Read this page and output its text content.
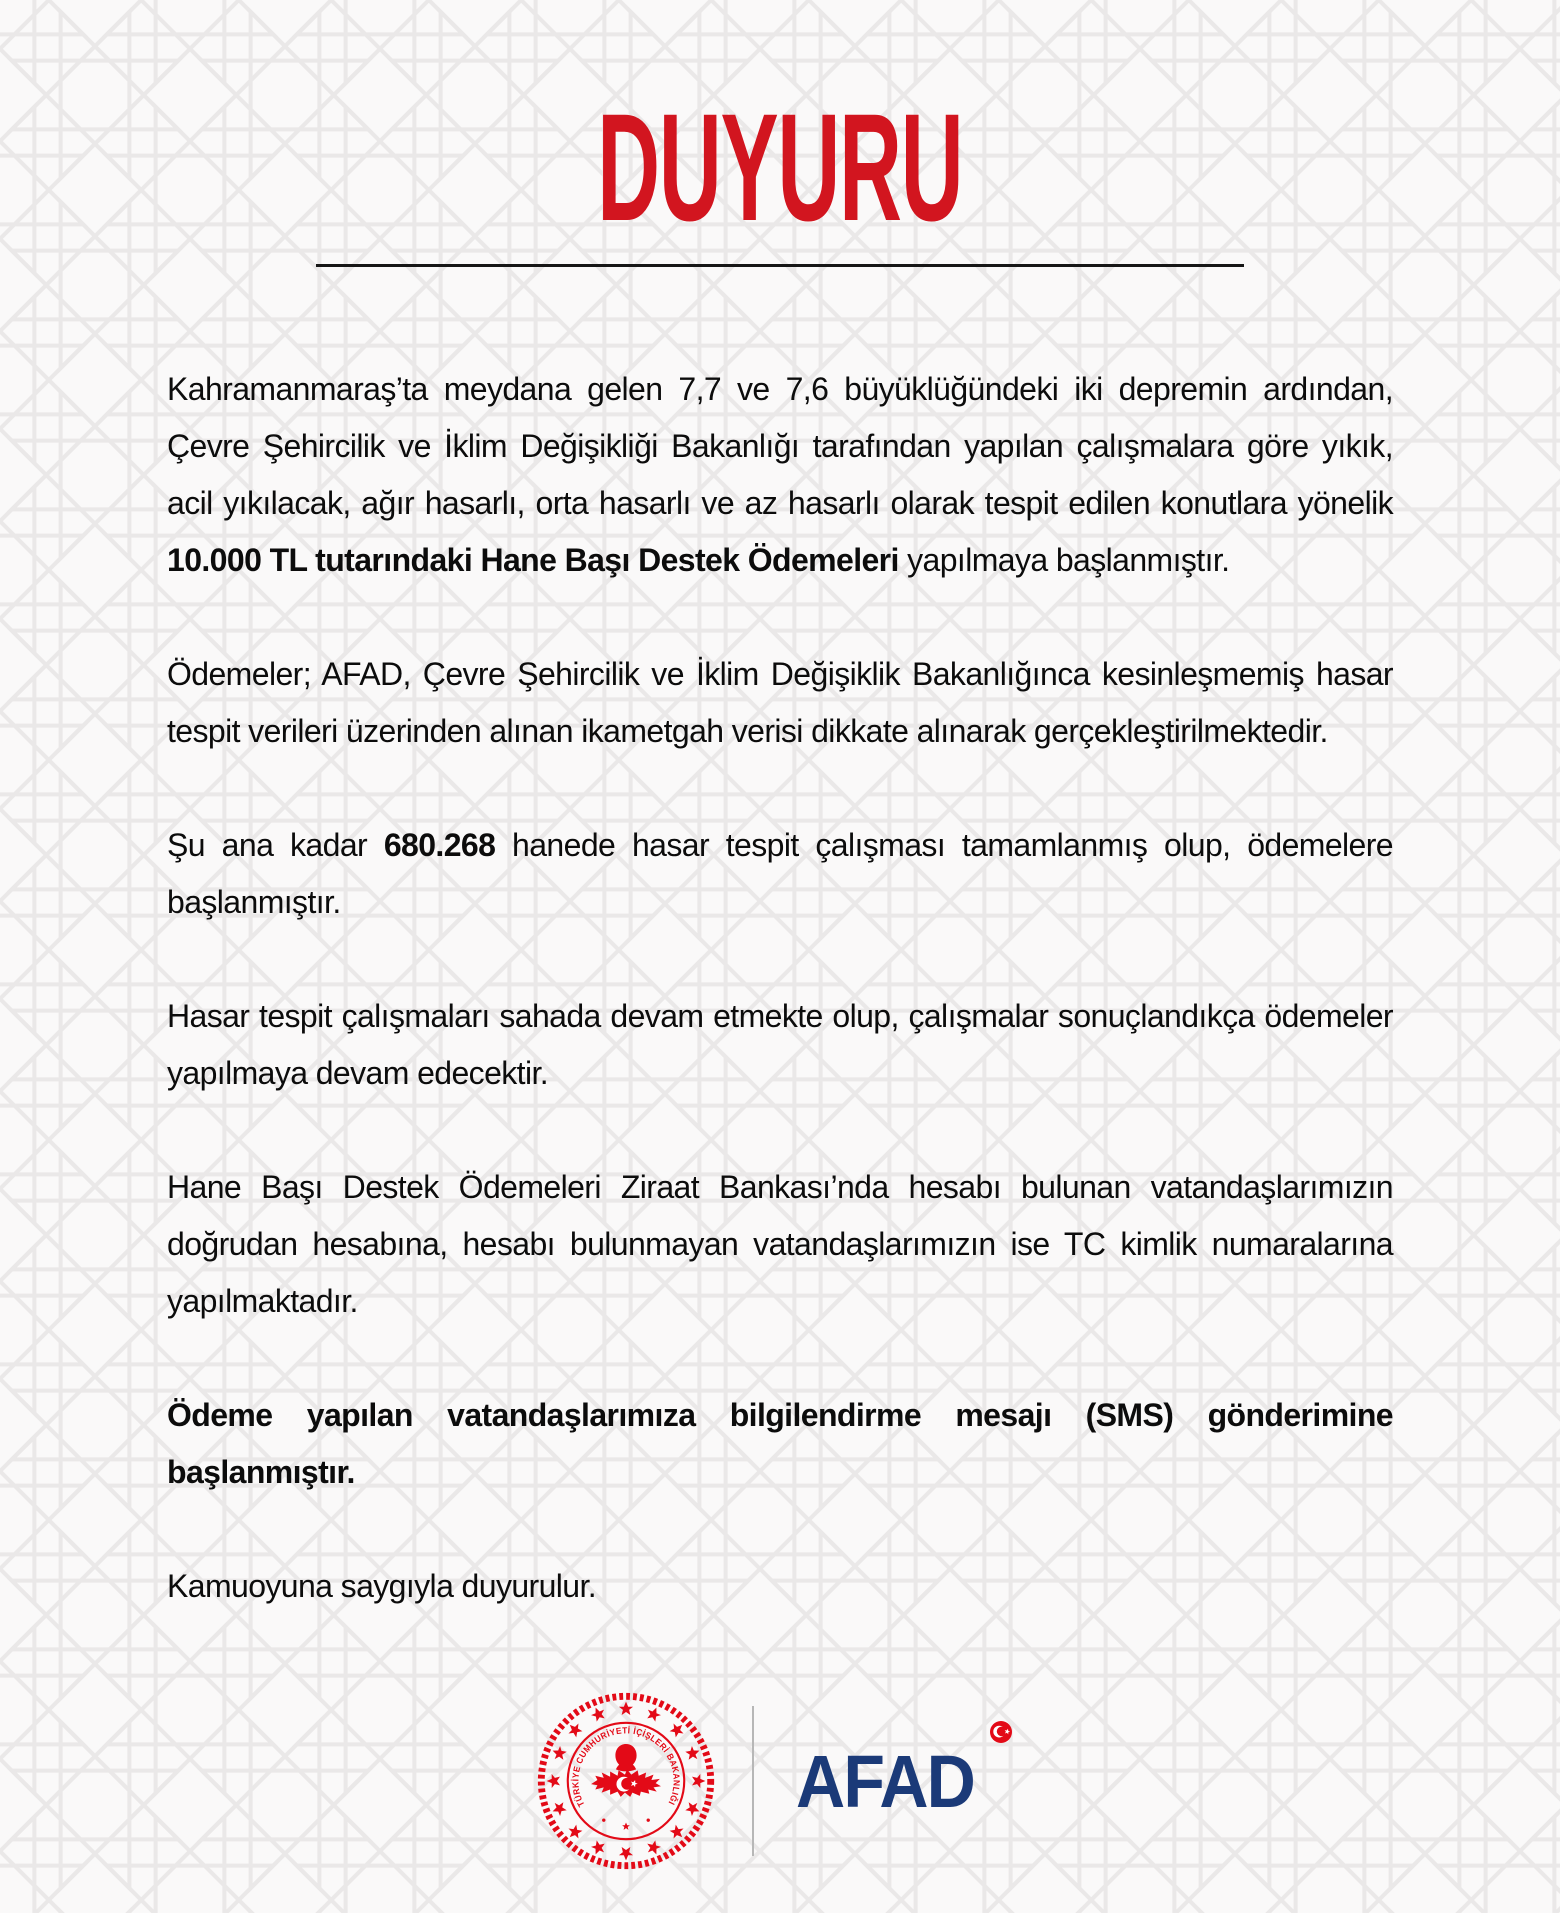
DUYURU

Kahramanmaraş’ta meydana gelen 7,7 ve 7,6 büyüklüğündeki iki depremin ardından, Çevre Şehircilik ve İklim Değişikliği Bakanlığı tarafından yapılan çalışmalara göre yıkık, acil yıkılacak, ağır hasarlı, orta hasarlı ve az hasarlı olarak tespit edilen konutlara yönelik 10.000 TL tutarındaki Hane Başı Destek Ödemeleri yapılmaya başlanmıştır.

Ödemeler; AFAD, Çevre Şehircilik ve İklim Değişiklik Bakanlığınca kesinleşmemiş hasar tespit verileri üzerinden alınan ikametgah verisi dikkate alınarak gerçekleştirilmektedir.

Şu ana kadar 680.268 hanede hasar tespit çalışması tamamlanmış olup, ödemelere başlanmıştır.

Hasar tespit çalışmaları sahada devam etmekte olup, çalışmalar sonuçlandıkça ödemeler yapılmaya devam edecektir.

Hane Başı Destek Ödemeleri Ziraat Bankası’nda hesabı bulunan vatandaşlarımızın doğrudan hesabına, hesabı bulunmayan vatandaşlarımızın ise TC kimlik numaralarına yapılmaktadır.

Ödeme yapılan vatandaşlarımıza bilgilendirme mesajı (SMS) gönderimine başlanmıştır.

Kamuoyuna saygıyla duyurulur.

TÜRKİYE CUMHURİYETİ İÇİŞLERİ BAKANLIĞI AFAD
